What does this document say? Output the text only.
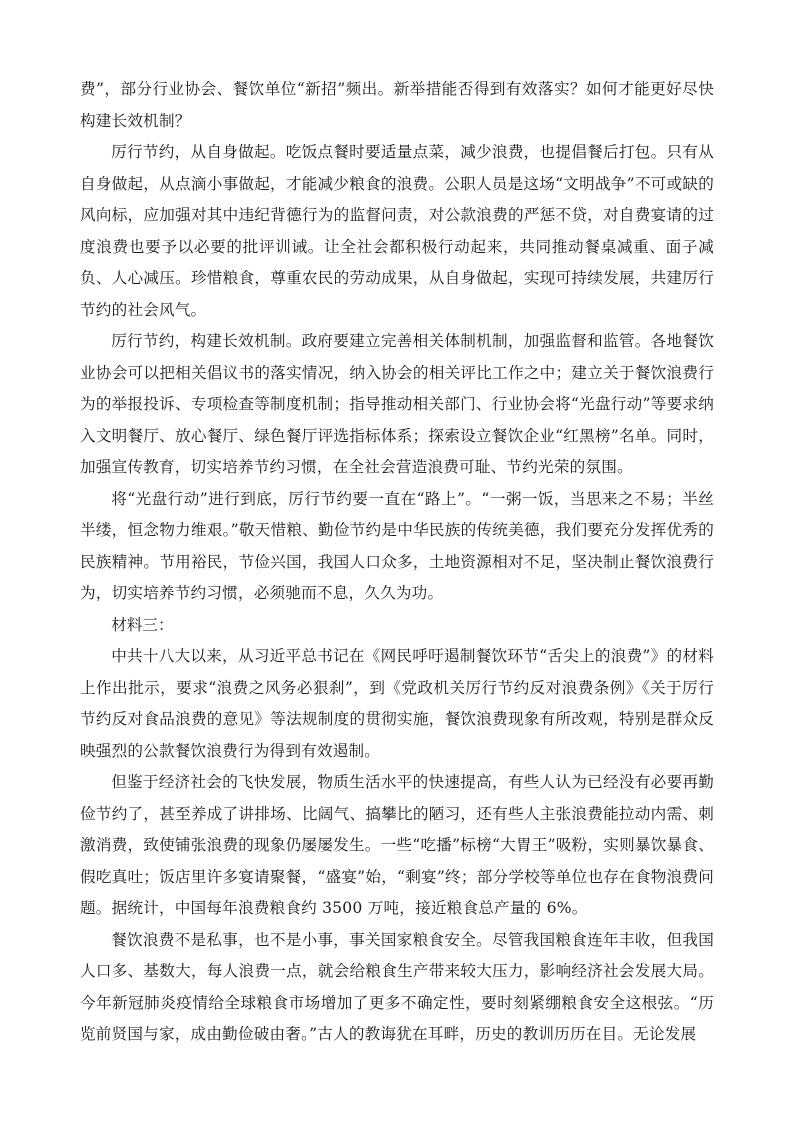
费”，部分行业协会、餐饮单位“新招”频出。新举措能否得到有效落实？如何才能更好尽快构建长效机制？

厉行节约，从自身做起。吃饭点餐时要适量点菜，减少浪费，也提倡餐后打包。只有从自身做起，从点滴小事做起，才能减少粮食的浪费。公职人员是这场“文明战争”不可或缺的风向标，应加强对其中违纪背德行为的监督问责，对公款浪费的严惩不贷，对自费宴请的过度浪费也要予以必要的批评训诫。让全社会都积极行动起来，共同推动餐桌减重、面子减负、人心减压。珍惜粮食，尊重农民的劳动成果，从自身做起，实现可持续发展，共建厉行节约的社会风气。

厉行节约，构建长效机制。政府要建立完善相关体制机制，加强监督和监管。各地餐饮业协会可以把相关倡议书的落实情况，纳入协会的相关评比工作之中；建立关于餐饮浪费行为的举报投诉、专项检查等制度机制；指导推动相关部门、行业协会将“光盘行动”等要求纳入文明餐厅、放心餐厅、绿色餐厅评选指标体系；探索设立餐饮企业“红黑榜”名单。同时，加强宣传教育，切实培养节约习惯，在全社会营造浪费可耻、节约光荣的氛围。

将“光盘行动”进行到底，厉行节约要一直在“路上”。“一粥一饭，当思来之不易；半丝半缕，恒念物力维艰。”敬天惜粮、勤俭节约是中华民族的传统美德，我们要充分发挥优秀的民族精神。节用裕民，节俭兴国，我国人口众多，土地资源相对不足，坚决制止餐饮浪费行为，切实培养节约习惯，必须驰而不息，久久为功。

材料三：

中共十八大以来，从习近平总书记在《网民呼吁遏制餐饮环节“舌尖上的浪费”》的材料上作出批示，要求“浪费之风务必狠刹”，到《党政机关厉行节约反对浪费条例》《关于厉行节约反对食品浪费的意见》等法规制度的贯彻实施，餐饮浪费现象有所改观，特别是群众反映强烈的公款餐饮浪费行为得到有效遏制。

但鉴于经济社会的飞快发展，物质生活水平的快速提高，有些人认为已经没有必要再勤俭节约了，甚至养成了讲排场、比阔气、搞攀比的陋习，还有些人主张浪费能拉动内需、刺激消费，致使铺张浪费的现象仍屡屡发生。一些“吃播”标榜“大胃王”吸粉，实则暴饮暴食、假吃真吐；饭店里许多宴请聚餐，“盛宴”始，“剩宴”终；部分学校等单位也存在食物浪费问题。据统计，中国每年浪费粮食约 3500 万吨，接近粮食总产量的 6%。

餐饮浪费不是私事，也不是小事，事关国家粮食安全。尽管我国粮食连年丰收，但我国人口多、基数大，每人浪费一点，就会给粮食生产带来较大压力，影响经济社会发展大局。今年新冠肺炎疫情给全球粮食市场增加了更多不确定性，要时刻紧绷粮食安全这根弦。“历览前贤国与家，成由勤俭破由奢。”古人的教诲犹在耳畔，历史的教训历历在目。无论发展
